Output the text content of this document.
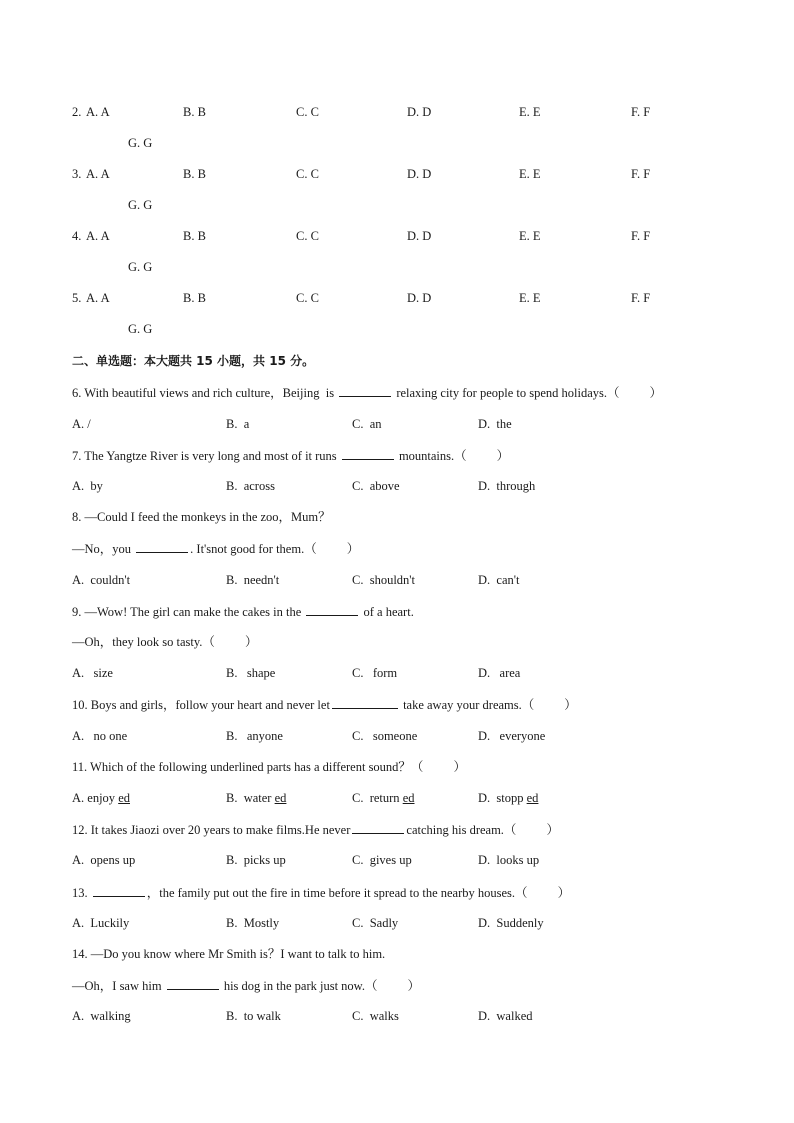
2. A. A	B. B	C. C	D. D	E. E	F. F
G. G
3. A. A	B. B	C. C	D. D	E. E	F. F
G. G
4. A. A	B. B	C. C	D. D	E. E	F. F
G. G
5. A. A	B. B	C. C	D. D	E. E	F. F
G. G
二、单选题：本大题共 15 小题，共 15 分。
6. With beautiful views and rich culture，Beijing  is	relaxing city for people to spend holidays.（ ）
A. /	B.  a	C.  an	D.  the
7. The Yangtze River is very long and most of it runs	mountains.（ ）
A.  by	B.  across	C.  above	D.  through
8. —Could I feed the monkeys in the zoo，Mum？
—No，you	. It'snot good for them.（ ）
A.  couldn't	B.  needn't	C.  shouldn't	D.  can't
9. —Wow! The girl can make the cakes in the	of a heart.
—Oh，they look so tasty.（ ）
A.   size	B.   shape	C.   form	D.   area
10. Boys and girls，follow your heart and never let	take away your dreams.（ ）
A.   no one	B.   anyone	C.   someone	D.   everyone
11. Which of the following underlined parts has a different sound？（ ）
A. enjoy ed	B.  water ed	C.  return ed	D.  stopp ed
12. It takes Jiaozi over 20 years to make films.He never	catching his dream.（ ）
A.  opens up	B.  picks up	C.  gives up	D.  looks up
13.	，the family put out the fire in time before it spread to the nearby houses.（ ）
A.  Luckily	B.  Mostly	C.  Sadly	D.  Suddenly
14. —Do you know where Mr Smith is？I want to talk to him.
—Oh，I saw him	his dog in the park just now.（ ）
A.  walking	B.  to walk	C.  walks	D.  walked
